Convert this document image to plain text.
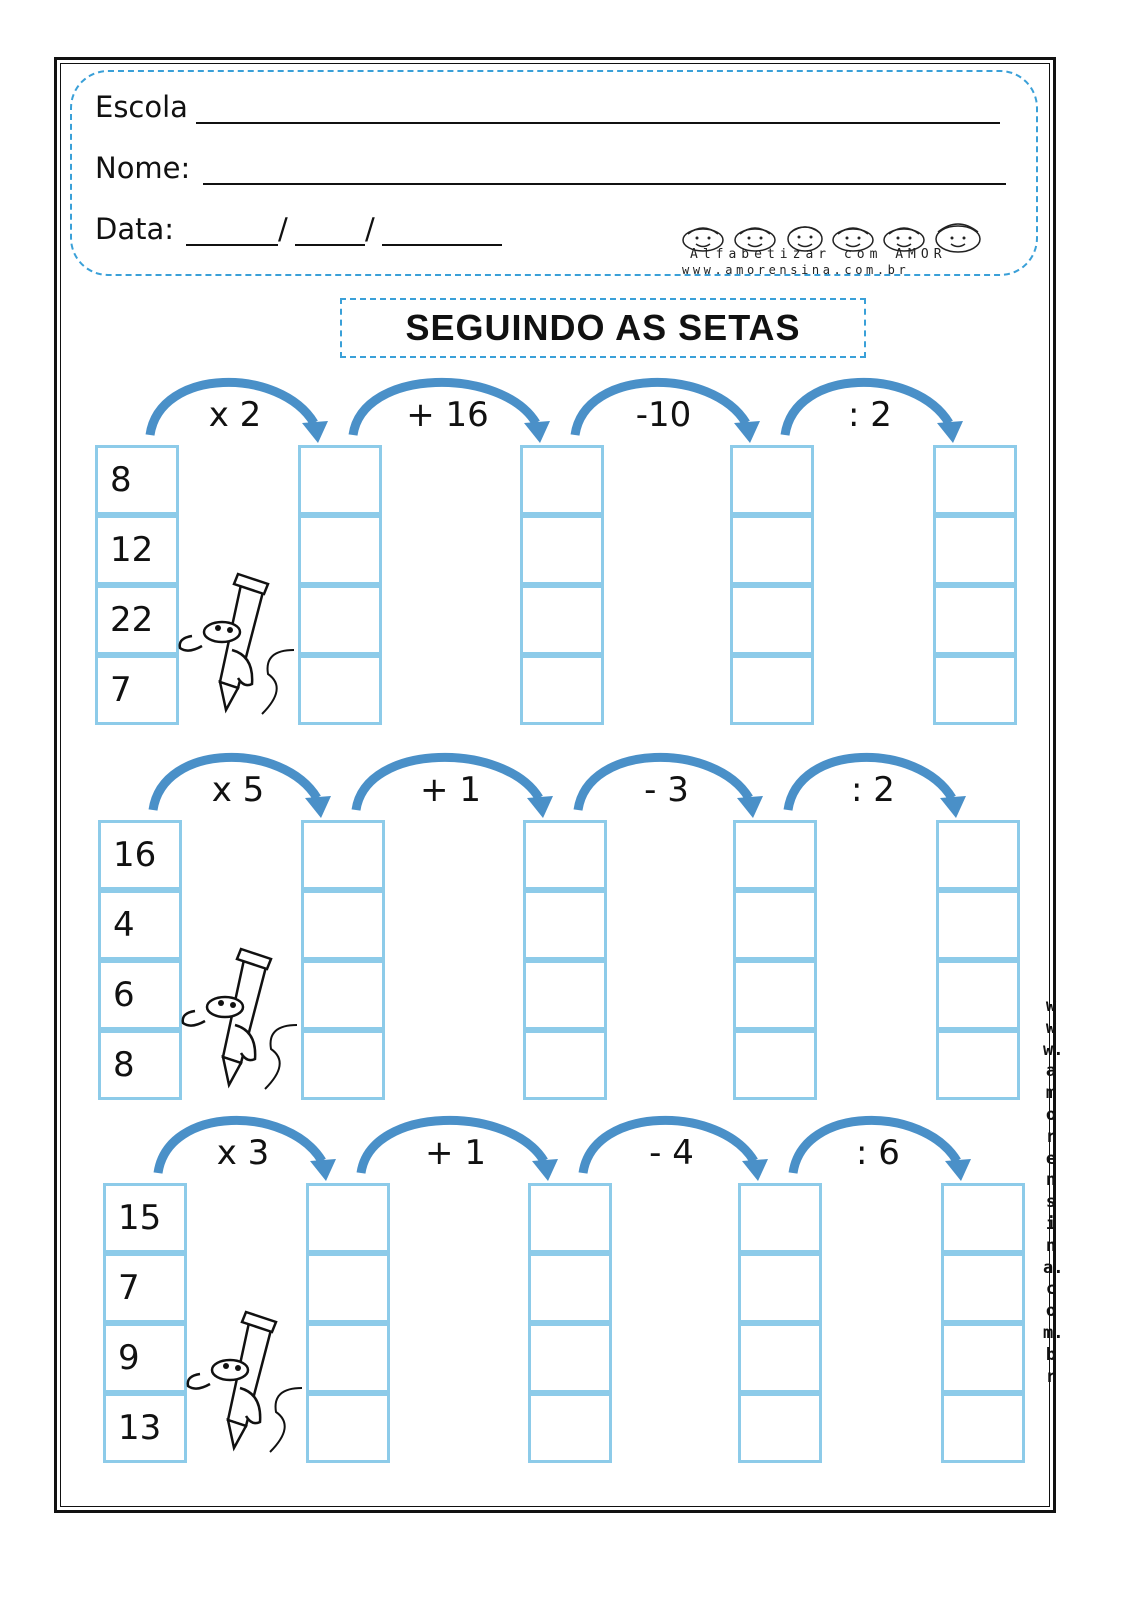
Escola
Nome:
Data:	/	/
Alfabetizar com AMOR
www.amorensina.com.br
SEGUINDO AS SETAS
8
12
22
7
x 2	+ 16	-10	: 2
16
4
6
8
x 5	+ 1	- 3	: 2
15
7
9
13
x 3	+ 1	- 4	: 6
www.amorensina.com.br
